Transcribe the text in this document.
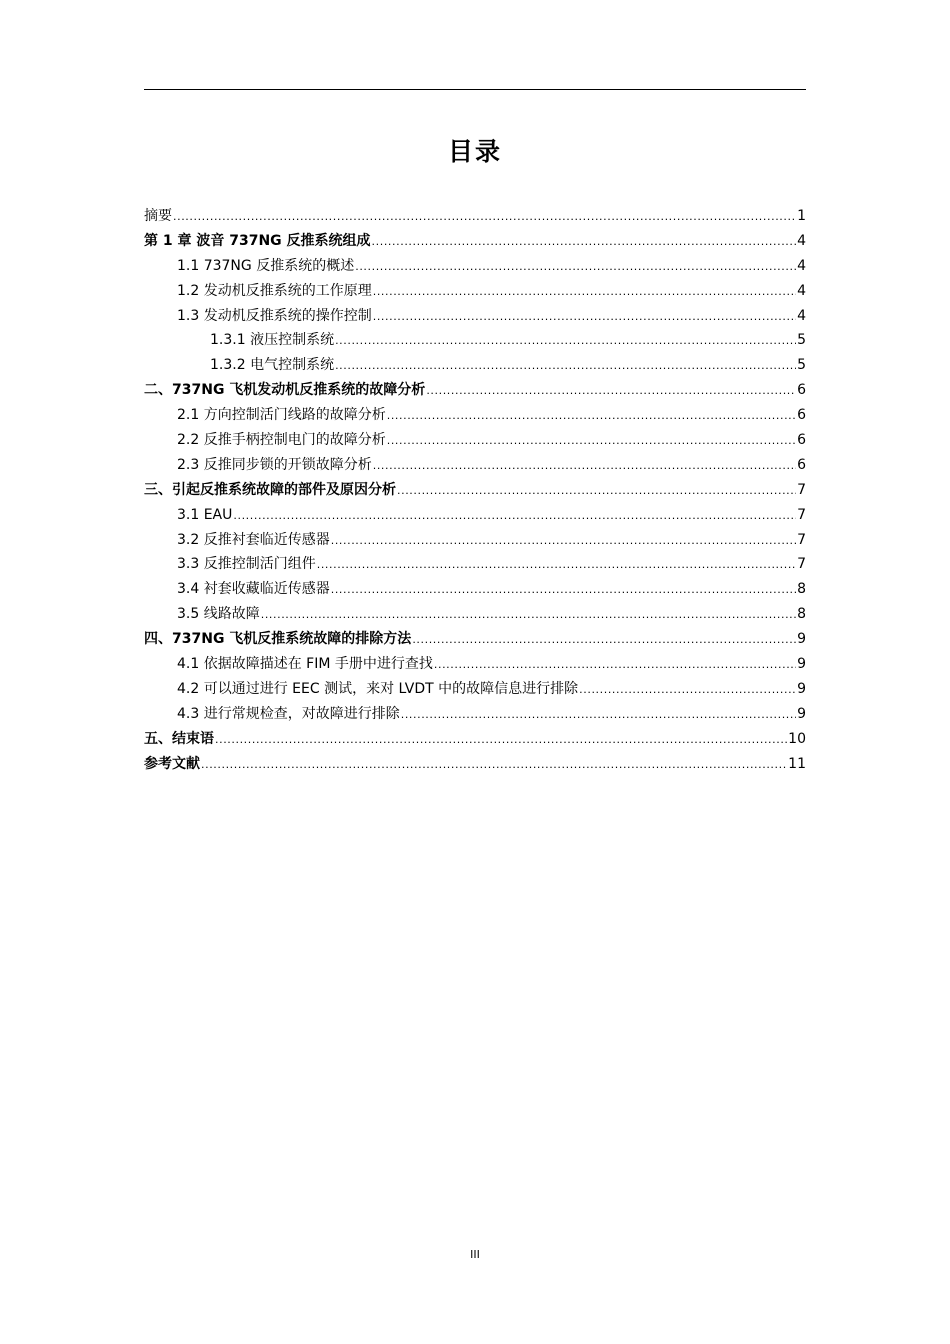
目录
摘要 .....	1
第 1 章 波音 737NG 反推系统组成 .....	4
1.1 737NG 反推系统的概述 .....	4
1.2 发动机反推系统的工作原理 .....	4
1.3 发动机反推系统的操作控制 .....	4
1.3.1 液压控制系统 .....	5
1.3.2 电气控制系统 .....	5
二、737NG 飞机发动机反推系统的故障分析 .....	6
2.1 方向控制活门线路的故障分析 .....	6
2.2 反推手柄控制电门的故障分析 .....	6
2.3 反推同步锁的开锁故障分析 .....	6
三、引起反推系统故障的部件及原因分析 .....	7
3.1 EAU .....	7
3.2 反推衬套临近传感器 .....	7
3.3 反推控制活门组件 .....	7
3.4 衬套收藏临近传感器 .....	8
3.5 线路故障 .....	8
四、737NG 飞机反推系统故障的排除方法 .....	9
4.1 依据故障描述在 FIM 手册中进行查找 .....	9
4.2 可以通过进行 EEC 测试，来对 LVDT 中的故障信息进行排除 .....	9
4.3 进行常规检查，对故障进行排除 .....	9
五、结束语 .....	10
参考文献 .....	11
III
